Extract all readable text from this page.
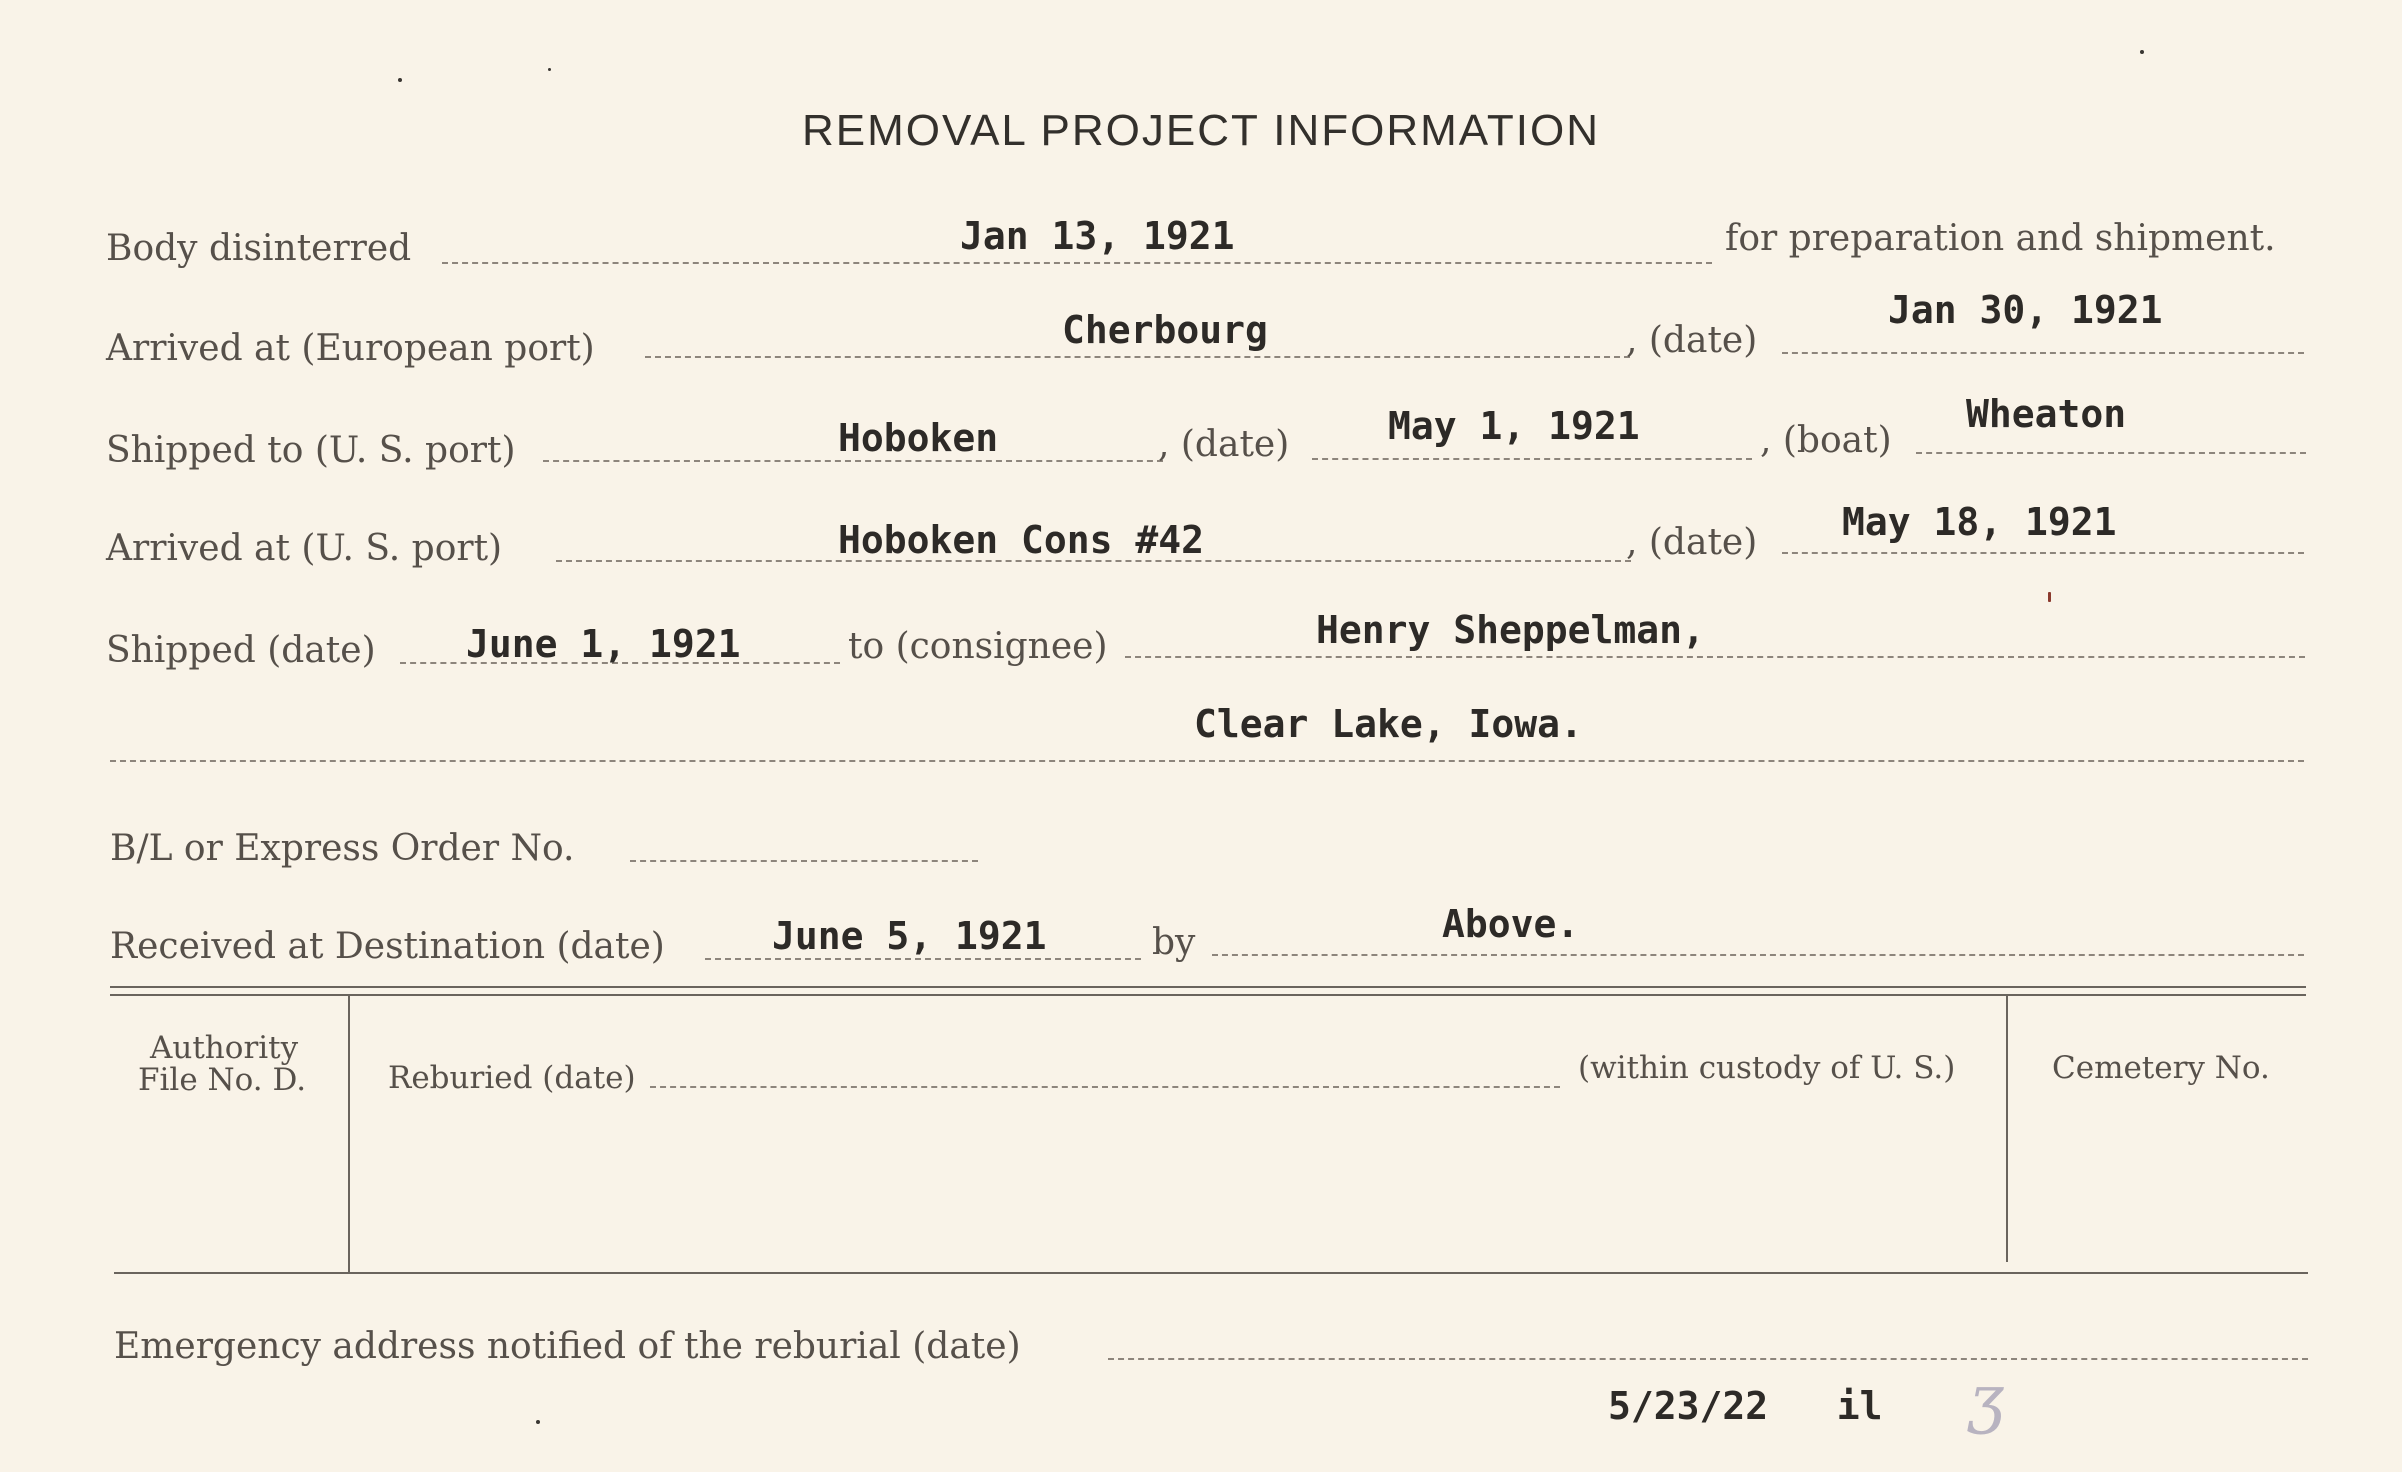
REMOVAL PROJECT INFORMATION
Body disinterred	Jan 13, 1921	for preparation and shipment.
Arrived at (European port)	Cherbourg	, (date)
Jan 30, 1921
Shipped to (U. S. port)	Hoboken	, (date)	May 1, 1921	, (boat)
Wheaton
Arrived at (U. S. port)	Hoboken Cons #42	, (date) May 18, 1921
Shipped (date) June 1, 1921	to (consignee)	Henry Sheppelman,
Clear Lake, Iowa.
B/L or Express Order No.
Received at Destination (date)	June 5, 1921	by	Above.
Authority
File No. D.	Reburied (date)	(within custody of U. S.)	Cemetery No.
Emergency address notified of the reburial (date)
5/23/22   il ʒ
